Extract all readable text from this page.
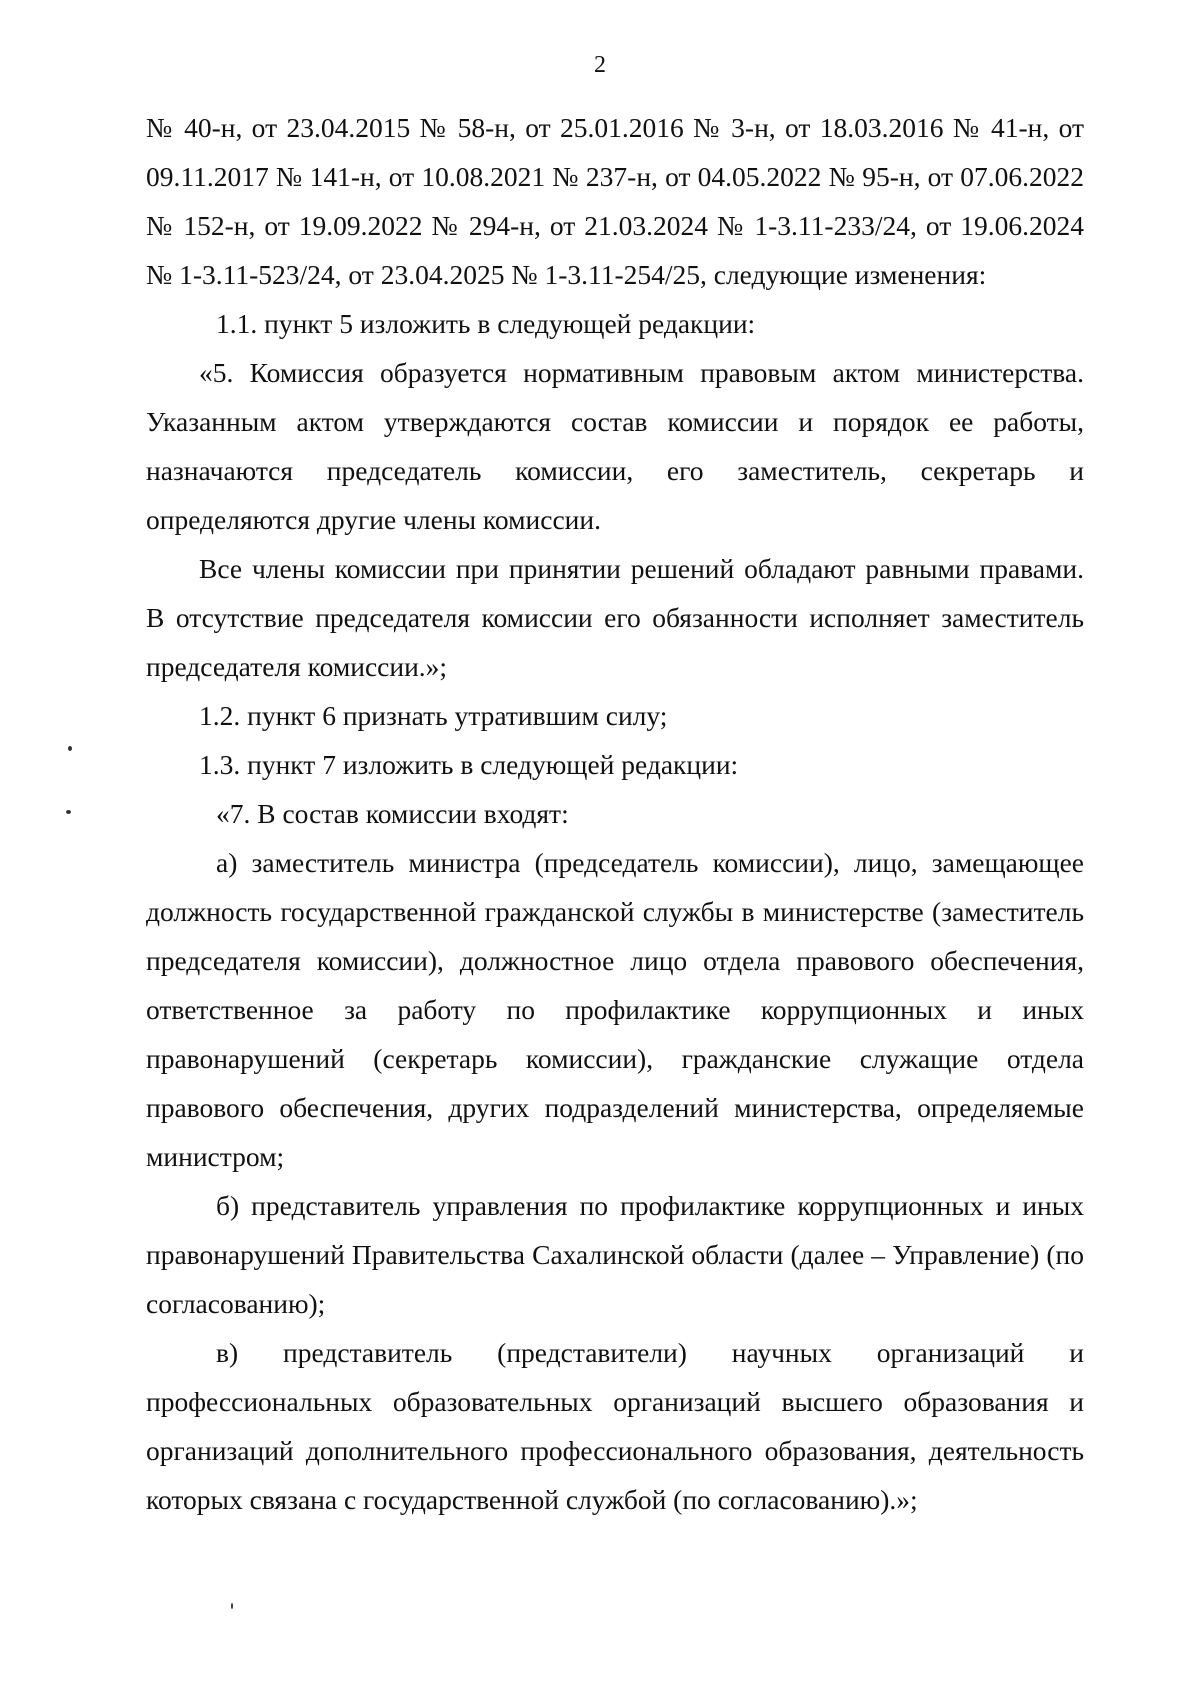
2

№ 40-н, от 23.04.2015 № 58-н, от 25.01.2016 № 3-н, от 18.03.2016 № 41-н, от 09.11.2017 № 141-н, от 10.08.2021 № 237-н, от 04.05.2022 № 95-н, от 07.06.2022 № 152-н, от 19.09.2022 № 294-н, от 21.03.2024 № 1-3.11-233/24, от 19.06.2024 № 1-3.11-523/24, от 23.04.2025 № 1-3.11-254/25, следующие изменения:

1.1. пункт 5 изложить в следующей редакции:

«5. Комиссия образуется нормативным правовым актом министерства. Указанным актом утверждаются состав комиссии и порядок ее работы, назначаются председатель комиссии, его заместитель, секретарь и определяются другие члены комиссии.

Все члены комиссии при принятии решений обладают равными правами. В отсутствие председателя комиссии его обязанности исполняет заместитель председателя комиссии.»;

1.2. пункт 6 признать утратившим силу;

1.3. пункт 7 изложить в следующей редакции:

«7. В состав комиссии входят:

а) заместитель министра (председатель комиссии), лицо, замещающее должность государственной гражданской службы в министерстве (заместитель председателя комиссии), должностное лицо отдела правового обеспечения, ответственное за работу по профилактике коррупционных и иных правонарушений (секретарь комиссии), гражданские служащие отдела правового обеспечения, других подразделений министерства, определяемые министром;

б) представитель управления по профилактике коррупционных и иных правонарушений Правительства Сахалинской области (далее – Управление) (по согласованию);

в) представитель (представители) научных организаций и профессиональных образовательных организаций высшего образования и организаций дополнительного профессионального образования, деятельность которых связана с государственной службой (по согласованию).»;
